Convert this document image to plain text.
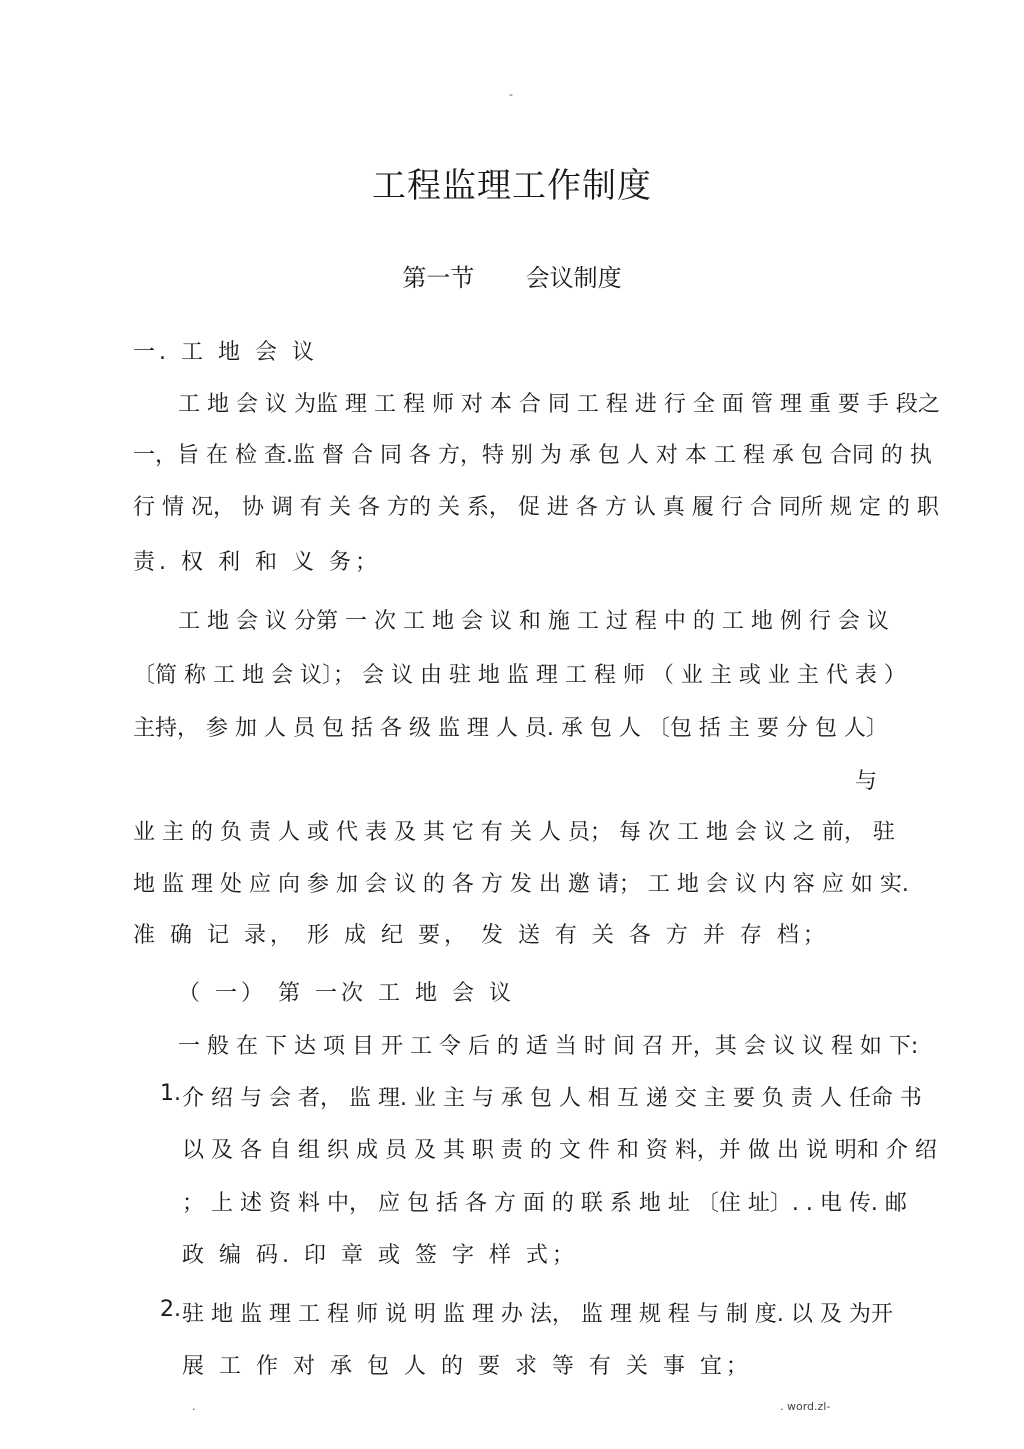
-
工程监理工作制度
第一节 会议制度
一. 工 地 会 议
工 地 会 议 为监 理 工 程 师 对 本 合 同 工 程 进 行 全 面 管 理 重 要 手 段之
一，旨 在 检 查.监 督 合 同 各 方，特 别 为 承 包 人 对 本 工 程 承 包 合同 的 执
行 情 况， 协 调 有 关 各 方的 关 系， 促 进 各 方 认 真 履 行 合 同所 规 定 的 职
责. 权 利 和 义 务；
工 地 会 议 分第 一 次 工 地 会 议 和 施 工 过 程 中 的 工 地 例 行 会 议
〔简 称 工 地 会 议〕； 会 议 由 驻 地 监 理 工 程 师 （ 业 主 或 业 主 代 表 ）
主持， 参 加 人 员 包 括 各 级 监 理 人 员. 承 包 人 〔包 括 主 要 分 包 人〕
与
业 主 的 负 责 人 或 代 表 及 其 它 有 关 人 员； 每 次 工 地 会 议 之 前， 驻
地 监 理 处 应 向 参 加 会 议 的 各 方 发 出 邀 请； 工 地 会 议 内 容 应 如 实.
准 确 记 录， 形 成 纪 要， 发 送 有 关 各 方 并 存 档；
（ 一） 第 一次 工 地 会 议
一 般 在 下 达 项 目 开 工 令 后 的 适 当 时 间 召 开，其 会 议 议 程 如 下:
1. 介 绍 与 会 者， 监 理. 业 主 与 承 包 人 相 互 递 交 主 要 负 责 人 任命 书
以 及 各 自 组 织 成 员 及 其 职 责 的 文 件 和 资 料，并 做 出 说 明和 介 绍
； 上 述 资 料 中， 应 包 括 各 方 面 的 联 系 地 址 〔住 址〕. . 电 传. 邮
政 编 码. 印 章 或 签 字 样 式；
2. 驻 地 监 理 工 程 师 说 明 监 理 办 法， 监 理 规 程 与 制 度. 以 及 为开
展 工 作 对 承 包 人 的 要 求 等 有 关 事 宜；
.	. word.zl-
